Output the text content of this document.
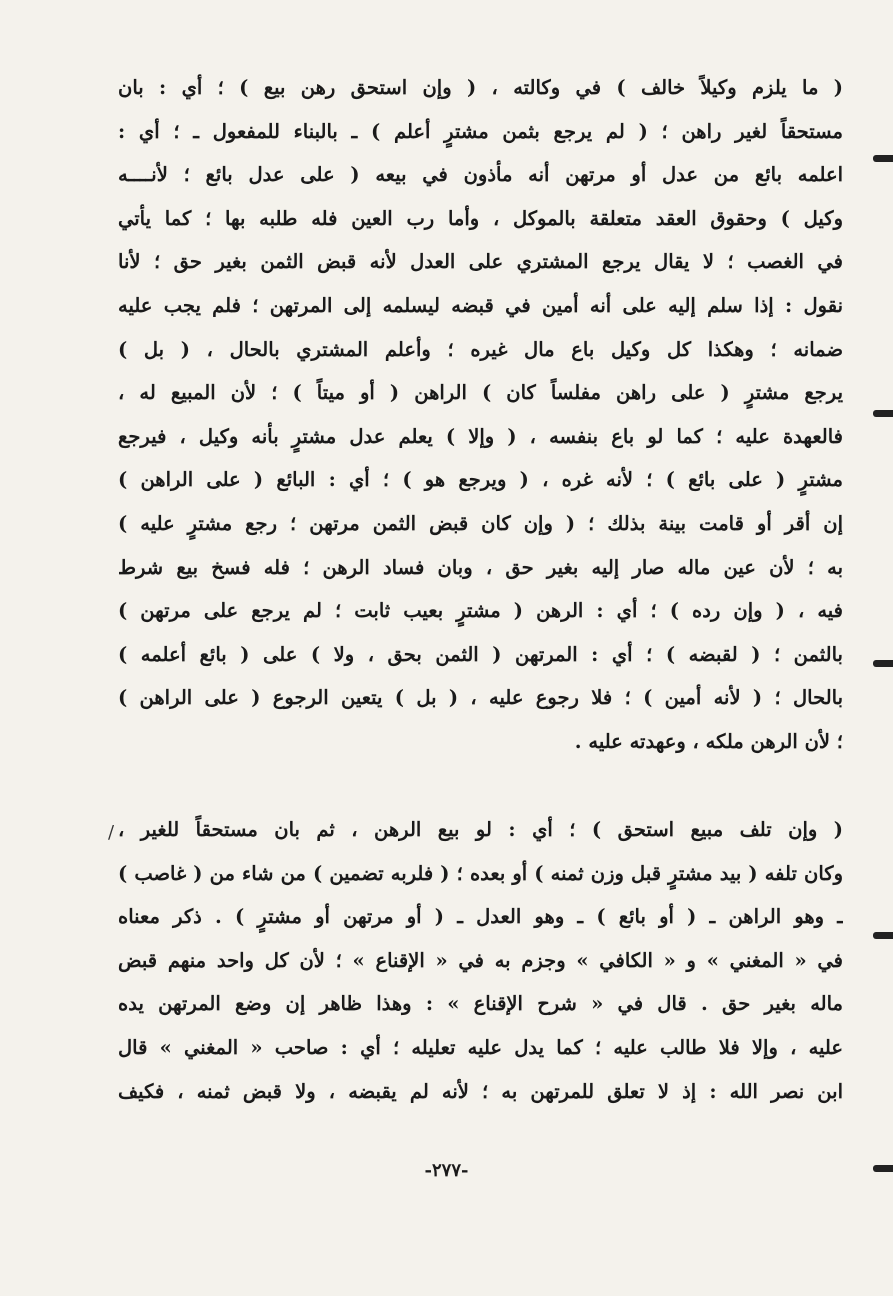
( ما يلزم وكيلاً خالف ) في وكالته ، ( وإن استحق رهن بيع ) ؛ أي : بان
مستحقاً لغير راهن ؛ ( لم يرجع بثمن مشترٍ أعلم ) ـ بالبناء للمفعول ـ ؛ أي :
اعلمه بائع من عدل أو مرتهن أنه مأذون في بيعه ( على عدل بائع ؛ لأنــــه
وكيل ) وحقوق العقد متعلقة بالموكل ، وأما رب العين فله طلبه بها ؛ كما يأتي
في الغصب ؛ لا يقال يرجع المشتري على العدل لأنه قبض الثمن بغير حق ؛ لأنا
نقول : إذا سلم إليه على أنه أمين في قبضه ليسلمه إلى المرتهن ؛ فلم يجب عليه
ضمانه ؛ وهكذا كل وكيل باع مال غيره ؛ وأعلم المشتري بالحال ، ( بل )
يرجع مشترٍ ( على راهن مفلساً كان ) الراهن ( أو ميتاً ) ؛ لأن المبيع له ،
فالعهدة عليه ؛ كما لو باع بنفسه ، ( وإلا ) يعلم عدل مشترٍ بأنه وكيل ، فيرجع
مشترٍ ( على بائع ) ؛ لأنه غره ، ( ويرجع هو ) ؛ أي : البائع ( على الراهن )
إن أقر أو قامت بينة بذلك ؛ ( وإن كان قبض الثمن مرتهن ؛ رجع مشترٍ عليه )
به ؛ لأن عين ماله صار إليه بغير حق ، وبان فساد الرهن ؛ فله فسخ بيع شرط
فيه ، ( وإن رده ) ؛ أي : الرهن ( مشترٍ بعيب ثابت ؛ لم يرجع على مرتهن )
بالثمن ؛ ( لقبضه ) ؛ أي : المرتهن ( الثمن بحق ، ولا ) على ( بائع أعلمه )
بالحال ؛ ( لأنه أمين ) ؛ فلا رجوع عليه ، ( بل ) يتعين الرجوع ( على الراهن )
؛ لأن الرهن ملكه ، وعهدته عليه .
( وإن تلف مبيع استحق ) ؛ أي : لو بيع الرهن ، ثم بان مستحقاً للغير ،
وكان تلفه ( بيد مشترٍ قبل وزن ثمنه ) أو بعده ؛ ( فلربه تضمين ) من شاء من ( غاصب )
ـ وهو الراهن ـ ( أو بائع ) ـ وهو العدل ـ ( أو مرتهن أو مشترٍ ) . ذكر معناه
في « المغني » و « الكافي » وجزم به في « الإقناع » ؛ لأن كل واحد منهم قبض
ماله بغير حق . قال في « شرح الإقناع » : وهذا ظاهر إن وضع المرتهن يده
عليه ، وإلا فلا طالب عليه ؛ كما يدل عليه تعليله ؛ أي : صاحب « المغني » قال
ابن نصر الله : إذ لا تعلق للمرتهن به ؛ لأنه لم يقبضه ، ولا قبض ثمنه ، فكيف
-٢٧٧-
/
